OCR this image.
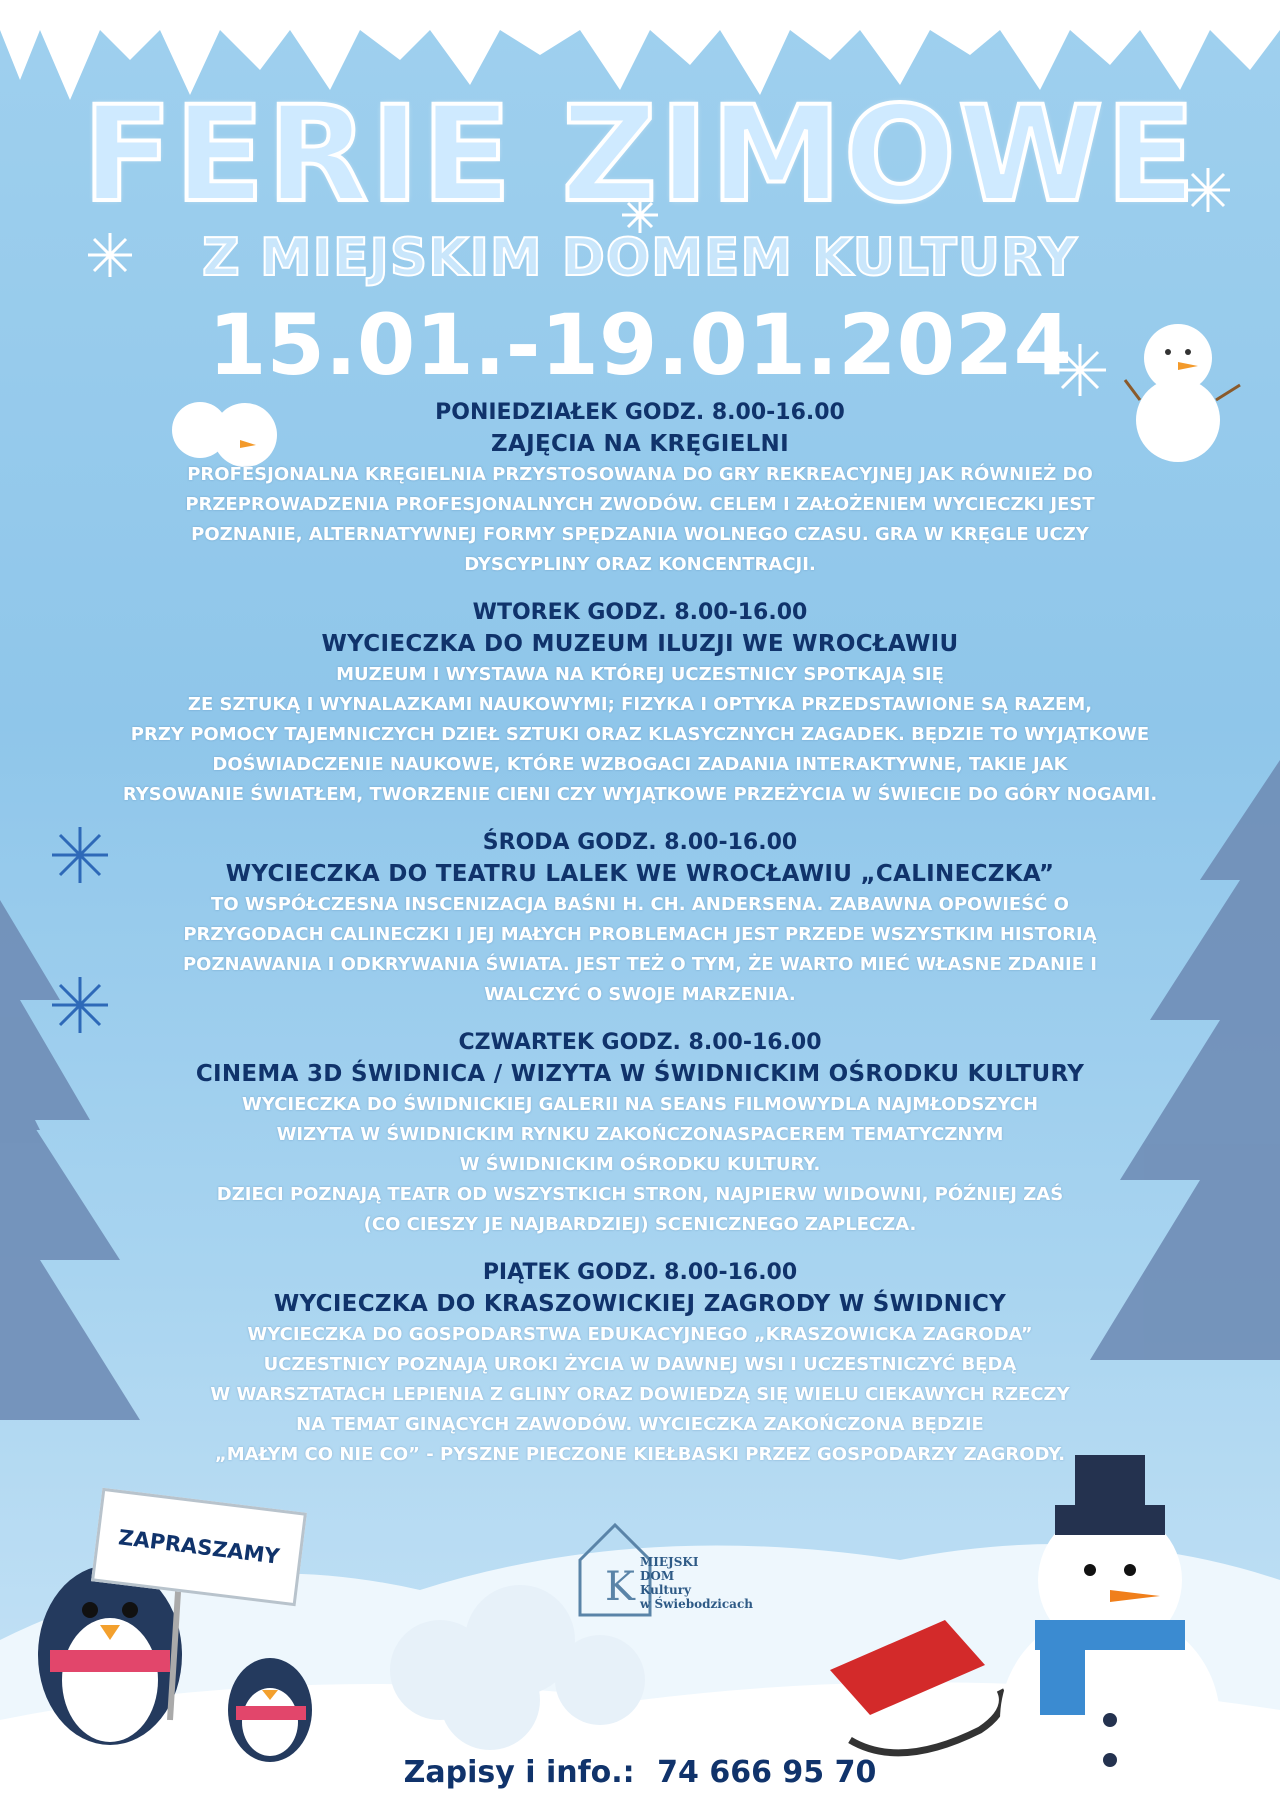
K
FERIE ZIMOWE
Z MIEJSKIM DOMEM KULTURY
15.01.-19.01.2024
PONIEDZIAŁEK GODZ. 8.00-16.00
ZAJĘCIA NA KRĘGIELNI
PROFESJONALNA KRĘGIELNIA PRZYSTOSOWANA DO GRY REKREACYJNEJ JAK RÓWNIEŻ DO
PRZEPROWADZENIA PROFESJONALNYCH ZWODÓW. CELEM I ZAŁOŻENIEM WYCIECZKI JEST
POZNANIE, ALTERNATYWNEJ FORMY SPĘDZANIA WOLNEGO CZASU. GRA W KRĘGLE UCZY
DYSCYPLINY ORAZ KONCENTRACJI.
WTOREK GODZ. 8.00-16.00
WYCIECZKA DO MUZEUM ILUZJI WE WROCŁAWIU
MUZEUM I WYSTAWA NA KTÓREJ UCZESTNICY SPOTKAJĄ SIĘ
ZE SZTUKĄ I WYNALAZKAMI NAUKOWYMI; FIZYKA I OPTYKA PRZEDSTAWIONE SĄ RAZEM,
PRZY POMOCY TAJEMNICZYCH DZIEŁ SZTUKI ORAZ KLASYCZNYCH ZAGADEK. BĘDZIE TO WYJĄTKOWE
DOŚWIADCZENIE NAUKOWE, KTÓRE WZBOGACI ZADANIA INTERAKTYWNE, TAKIE JAK
RYSOWANIE ŚWIATŁEM, TWORZENIE CIENI CZY WYJĄTKOWE PRZEŻYCIA W ŚWIECIE DO GÓRY NOGAMI.
ŚRODA GODZ. 8.00-16.00
WYCIECZKA DO TEATRU LALEK WE WROCŁAWIU „CALINECZKA”
TO WSPÓŁCZESNA INSCENIZACJA BAŚNI H. CH. ANDERSENA. ZABAWNA OPOWIEŚĆ O
PRZYGODACH CALINECZKI I JEJ MAŁYCH PROBLEMACH JEST PRZEDE WSZYSTKIM HISTORIĄ
POZNAWANIA I ODKRYWANIA ŚWIATA. JEST TEŻ O TYM, ŻE WARTO MIEĆ WŁASNE ZDANIE I
WALCZYĆ O SWOJE MARZENIA.
CZWARTEK GODZ. 8.00-16.00
CINEMA 3D ŚWIDNICA / WIZYTA W ŚWIDNICKIM OŚRODKU KULTURY
WYCIECZKA DO ŚWIDNICKIEJ GALERII NA SEANS FILMOWYDLA NAJMŁODSZYCH
WIZYTA W ŚWIDNICKIM RYNKU ZAKOŃCZONASPACEREM TEMATYCZNYM
W ŚWIDNICKIM OŚRODKU KULTURY.
DZIECI POZNAJĄ TEATR OD WSZYSTKICH STRON, NAJPIERW WIDOWNI, PÓŹNIEJ ZAŚ
(CO CIESZY JE NAJBARDZIEJ) SCENICZNEGO ZAPLECZA.
PIĄTEK GODZ. 8.00-16.00
WYCIECZKA DO KRASZOWICKIEJ ZAGRODY W ŚWIDNICY
WYCIECZKA DO GOSPODARSTWA EDUKACYJNEGO „KRASZOWICKA ZAGRODA”
UCZESTNICY POZNAJĄ UROKI ŻYCIA W DAWNEJ WSI I UCZESTNICZYĆ BĘDĄ
W WARSZTATACH LEPIENIA Z GLINY ORAZ DOWIEDZĄ SIĘ WIELU CIEKAWYCH RZECZY
NA TEMAT GINĄCYCH ZAWODÓW. WYCIECZKA ZAKOŃCZONA BĘDZIE
„MAŁYM CO NIE CO” - PYSZNE PIECZONE KIEŁBASKI PRZEZ GOSPODARZY ZAGRODY.
ZAPRASZAMY	MIEJSKI
DOM
Kultury
w Świebodzicach
Zapisy i info.: 74 666 95 70
